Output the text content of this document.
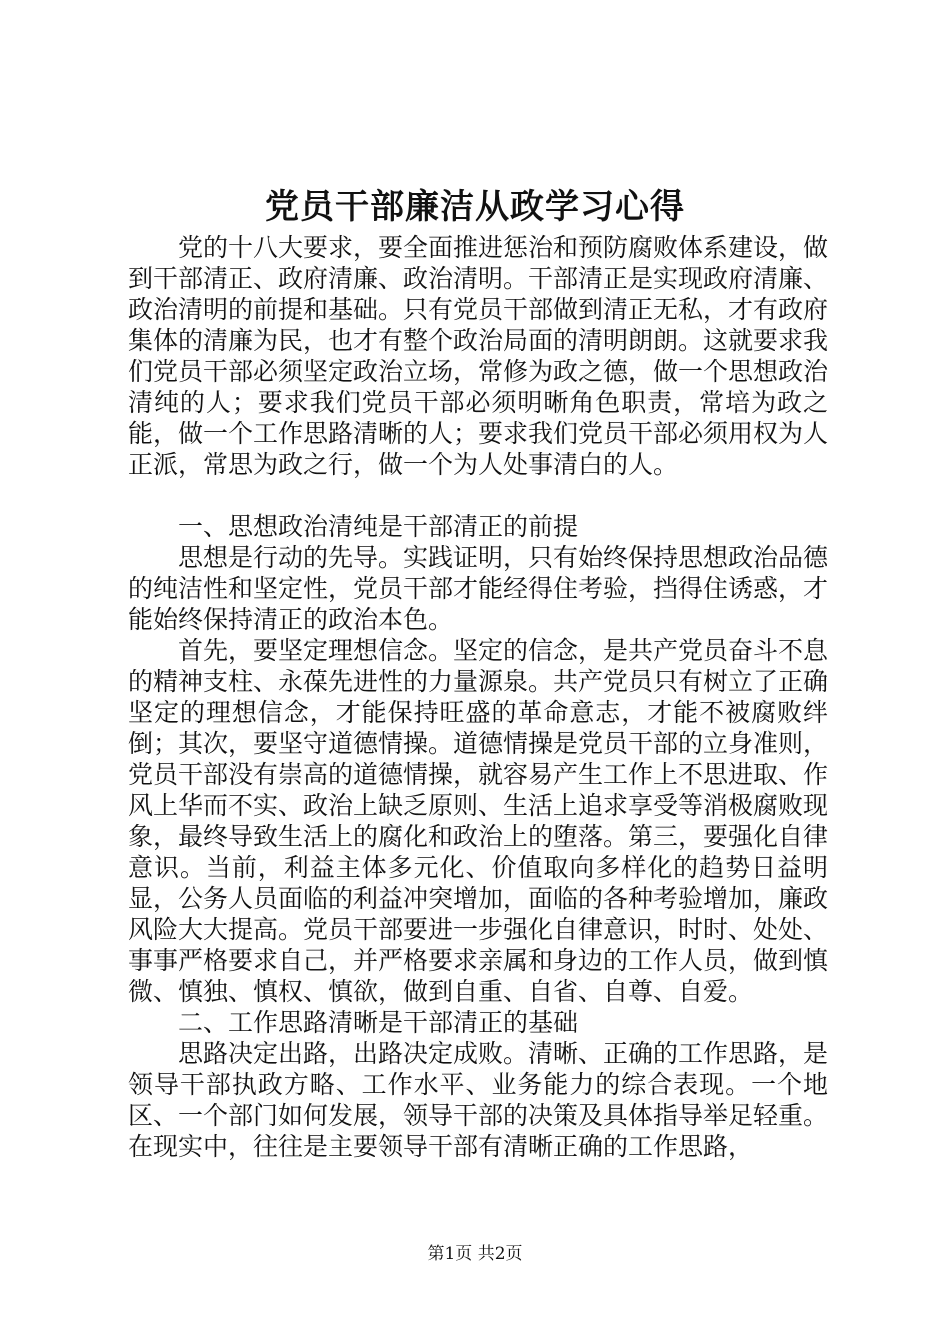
党员干部廉洁从政学习心得

党的十八大要求，要全面推进惩治和预防腐败体系建设，做到干部清正、政府清廉、政治清明。干部清正是实现政府清廉、政治清明的前提和基础。只有党员干部做到清正无私，才有政府集体的清廉为民，也才有整个政治局面的清明朗朗。这就要求我们党员干部必须坚定政治立场，常修为政之德，做一个思想政治清纯的人；要求我们党员干部必须明晰角色职责，常培为政之能，做一个工作思路清晰的人；要求我们党员干部必须用权为人正派，常思为政之行，做一个为人处事清白的人。

一、思想政治清纯是干部清正的前提

思想是行动的先导。实践证明，只有始终保持思想政治品德的纯洁性和坚定性，党员干部才能经得住考验，挡得住诱惑，才能始终保持清正的政治本色。

首先，要坚定理想信念。坚定的信念，是共产党员奋斗不息的精神支柱、永葆先进性的力量源泉。共产党员只有树立了正确坚定的理想信念，才能保持旺盛的革命意志，才能不被腐败绊倒；其次，要坚守道德情操。道德情操是党员干部的立身准则，党员干部没有崇高的道德情操，就容易产生工作上不思进取、作风上华而不实、政治上缺乏原则、生活上追求享受等消极腐败现象，最终导致生活上的腐化和政治上的堕落。第三，要强化自律意识。当前，利益主体多元化、价值取向多样化的趋势日益明显，公务人员面临的利益冲突增加，面临的各种考验增加，廉政风险大大提高。党员干部要进一步强化自律意识，时时、处处、事事严格要求自己，并严格要求亲属和身边的工作人员，做到慎微、慎独、慎权、慎欲，做到自重、自省、自尊、自爱。

二、工作思路清晰是干部清正的基础

思路决定出路，出路决定成败。清晰、正确的工作思路，是领导干部执政方略、工作水平、业务能力的综合表现。一个地区、一个部门如何发展，领导干部的决策及具体指导举足轻重。在现实中，往往是主要领导干部有清晰正确的工作思路，

第1页 共2页
